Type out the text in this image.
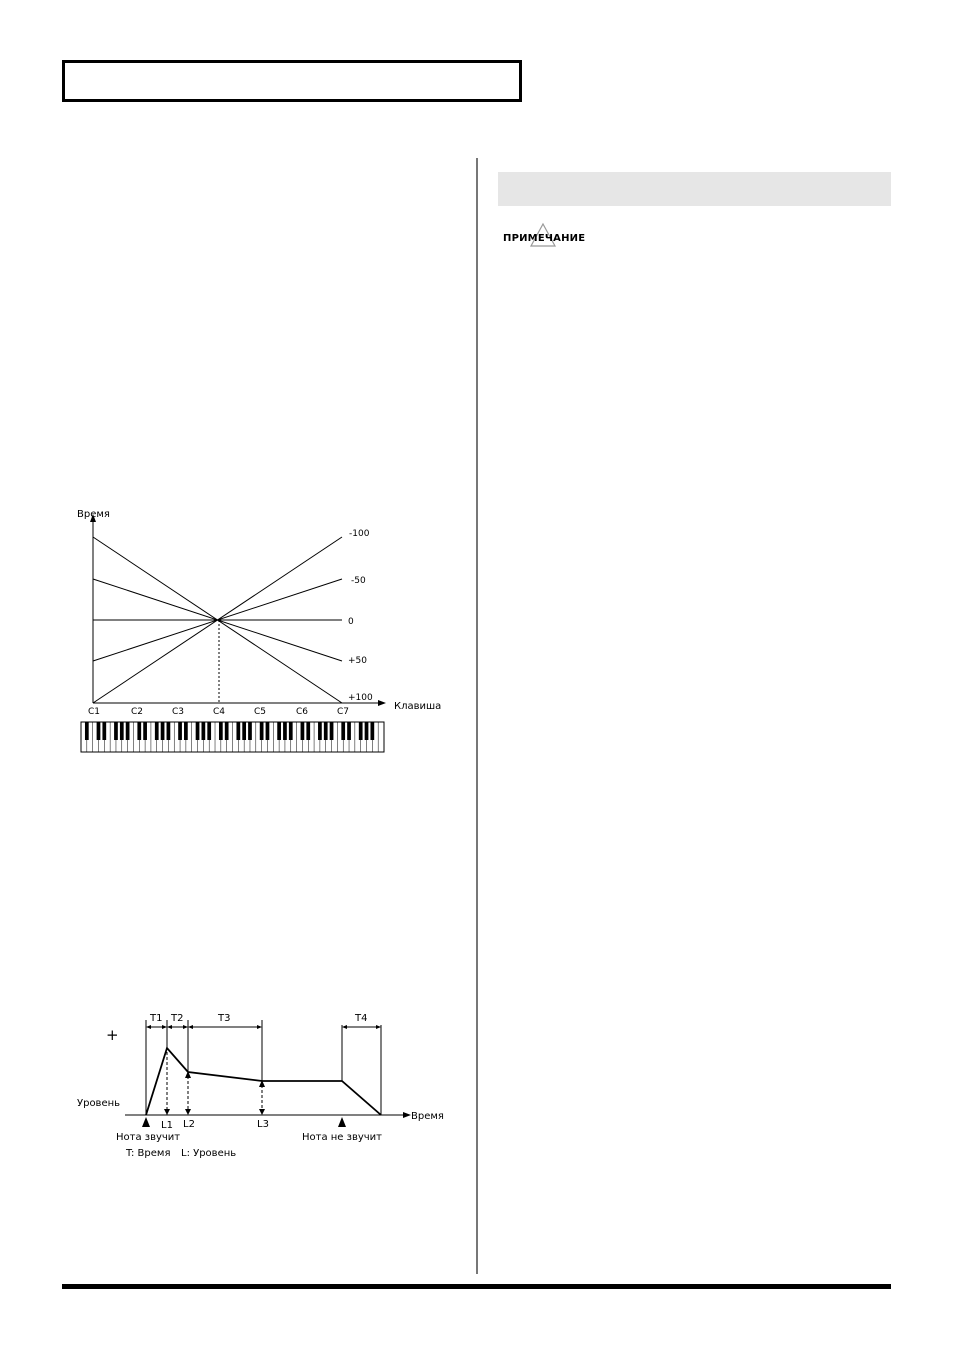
ПРИМЕЧАНИЕ
Время
Клавиша
-100
-50
0
+50
+100
C1	C2	C3	C4	C5	C6	C7
+
Уровень
Время
T1 T2	T3	T4
L1 L2	L3
Нота звучит	Нота не звучит
T: Время L: Уровень
